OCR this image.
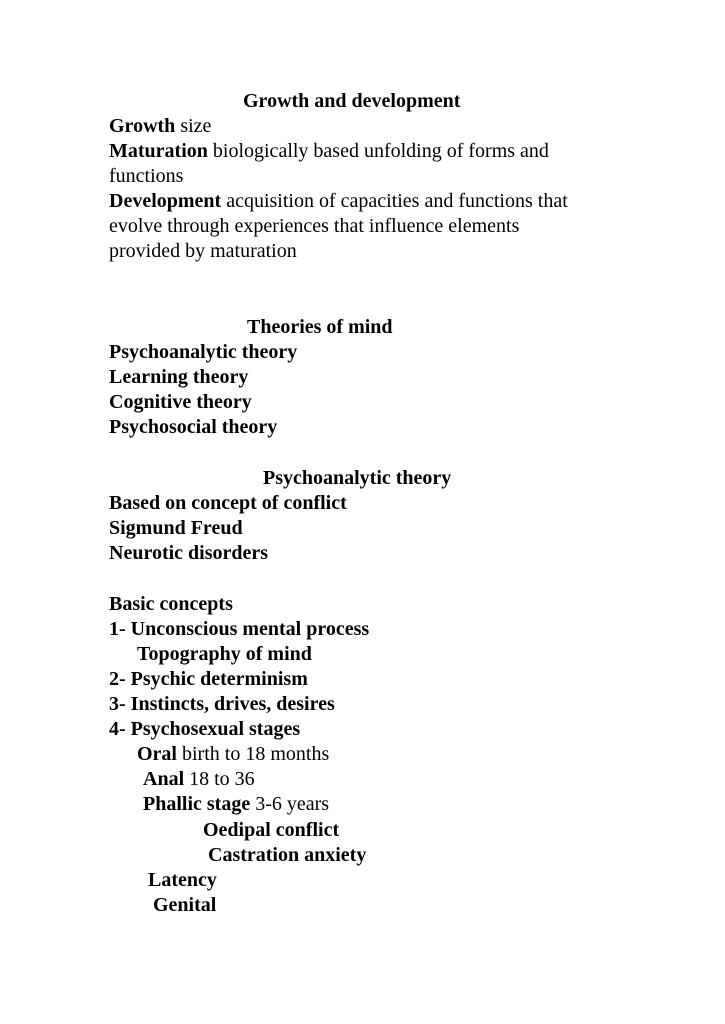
Growth and development
Growth size
Maturation biologically based unfolding of forms and
functions
Development acquisition of capacities and functions that
evolve through experiences that influence elements
provided by maturation
Theories of mind
Psychoanalytic theory
Learning theory
Cognitive theory
Psychosocial theory
Psychoanalytic theory
Based on concept of conflict
Sigmund Freud
Neurotic disorders
Basic concepts
1- Unconscious mental process
Topography of mind
2- Psychic determinism
3- Instincts, drives, desires
4- Psychosexual stages
Oral birth to 18 months
Anal 18 to 36
Phallic stage 3-6 years
Oedipal conflict
Castration anxiety
Latency
Genital
